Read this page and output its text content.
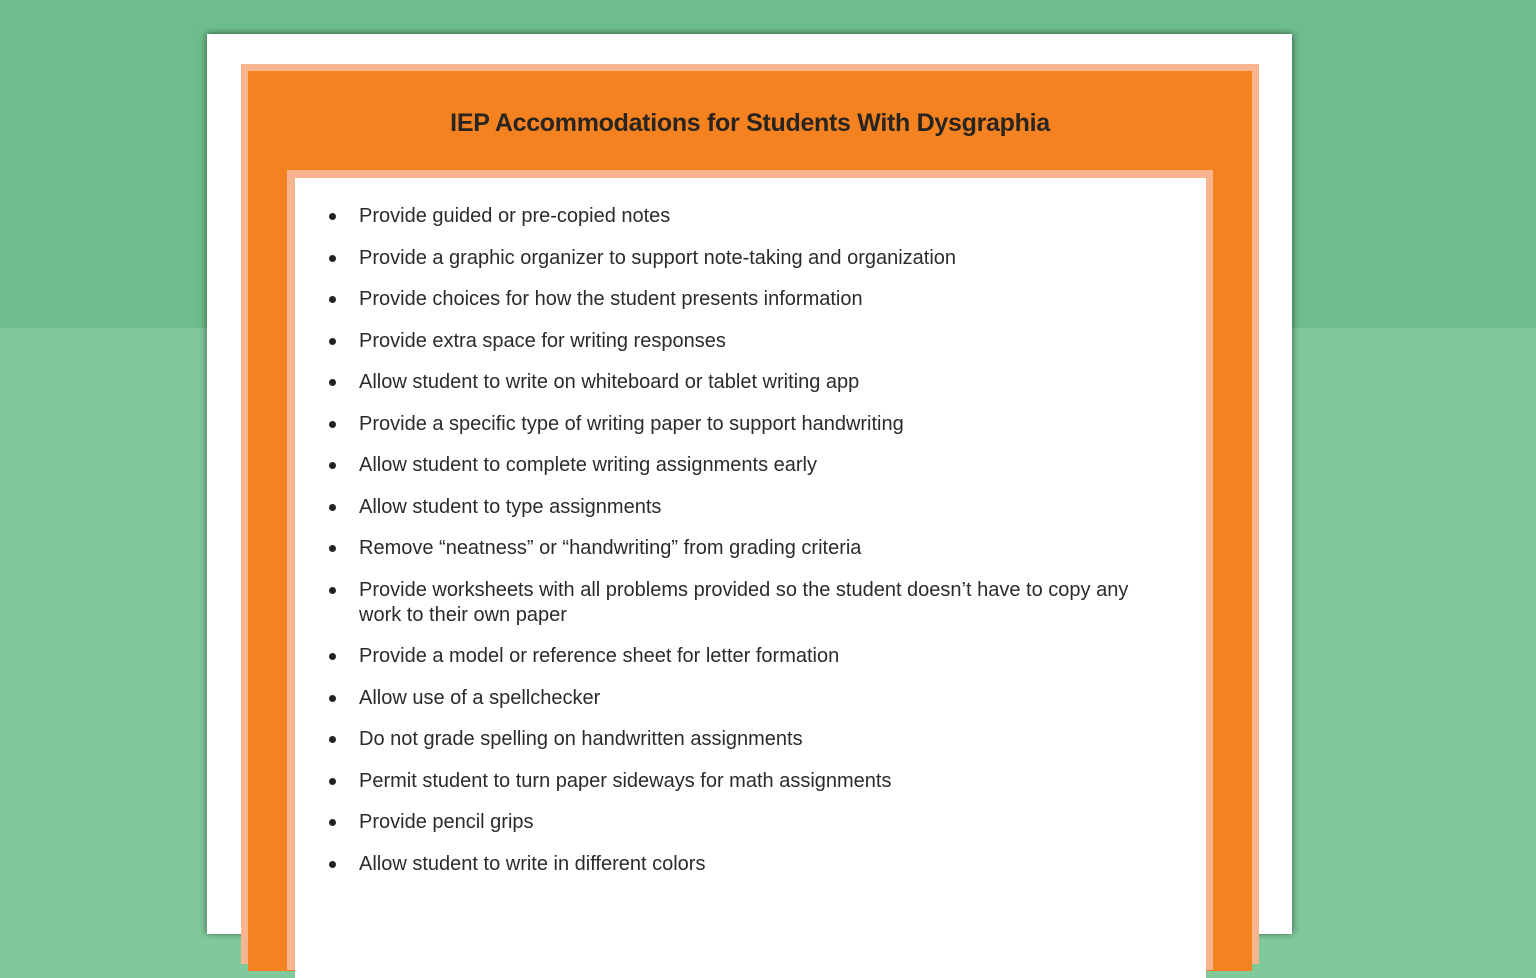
IEP Accommodations for Students With Dysgraphia
Provide guided or pre-copied notes
Provide a graphic organizer to support note-taking and organization
Provide choices for how the student presents information
Provide extra space for writing responses
Allow student to write on whiteboard or tablet writing app
Provide a specific type of writing paper to support handwriting
Allow student to complete writing assignments early
Allow student to type assignments
Remove “neatness” or “handwriting” from grading criteria
Provide worksheets with all problems provided so the student doesn’t have to copy any work to their own paper
Provide a model or reference sheet for letter formation
Allow use of a spellchecker
Do not grade spelling on handwritten assignments
Permit student to turn paper sideways for math assignments
Provide pencil grips
Allow student to write in different colors
